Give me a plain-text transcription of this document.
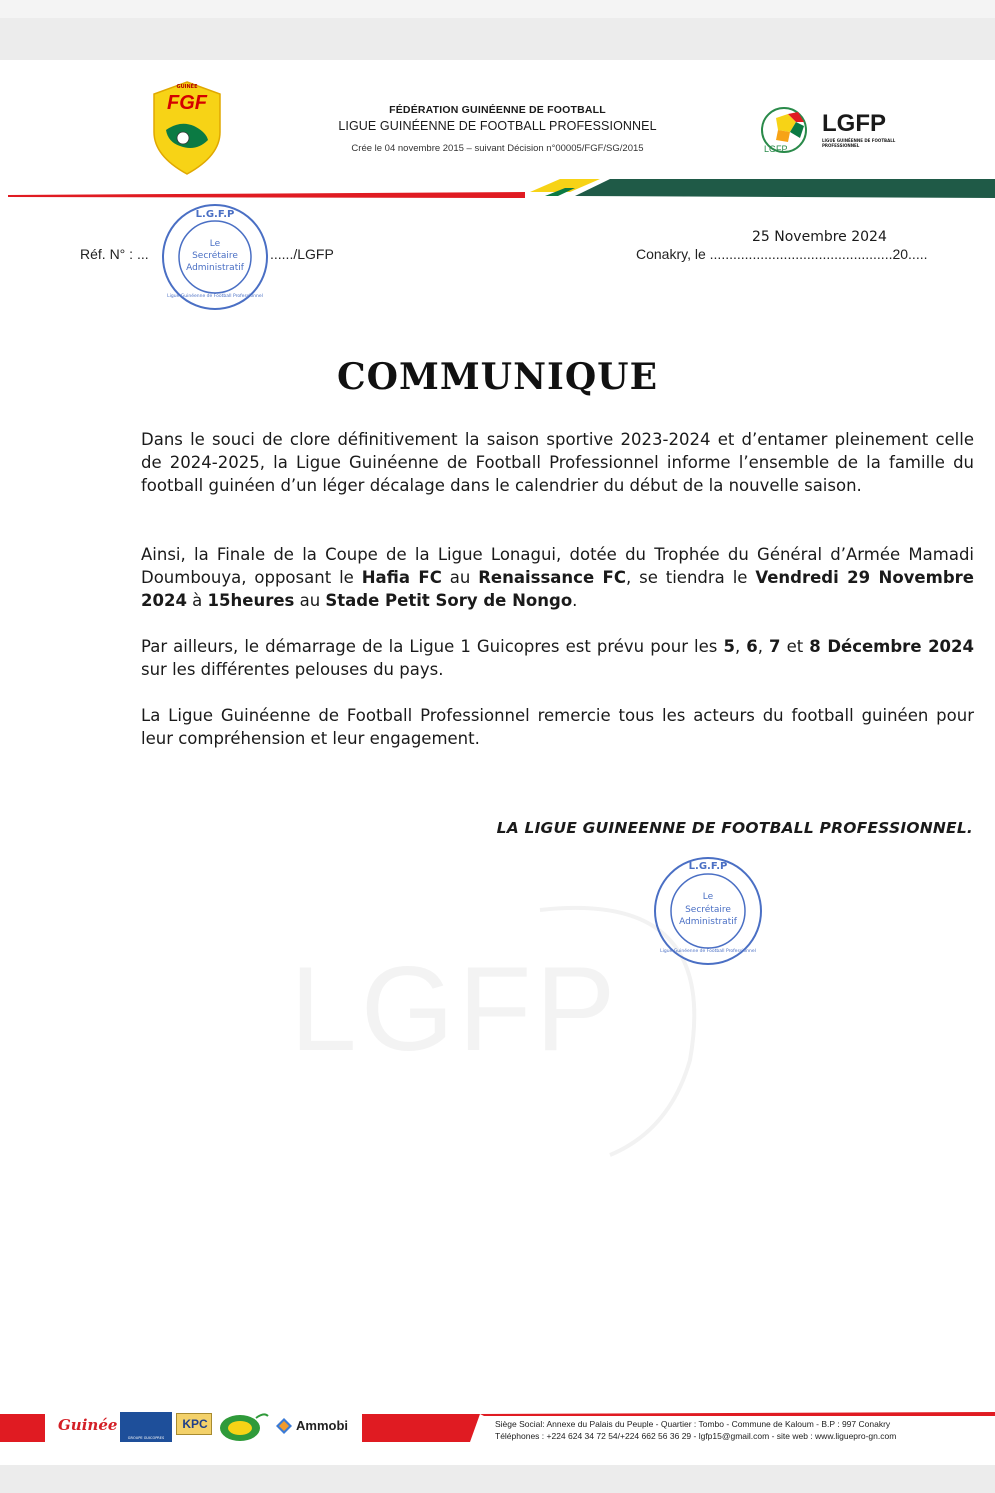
GUINÉE
FGF	FÉDÉRATION GUINÉENNE DE FOOTBALL
LIGUE GUINÉENNE DE FOOTBALL PROFESSIONNEL
Crée le 04 novembre 2015 – suivant Décision n°00005/FGF/SG/2015
LGFP
LIGUE GUINÉENNE DE FOOTBALL PROFESSIONNEL
LGFP
Réf. N° : ...	....../LGFP
L.G.F.P
Le
Secrétaire
Administratif
Ligue Guinéenne de Football Professionnel
25 Novembre 2024
Conakry, le ...............................................20.....
COMMUNIQUE
Dans le souci de clore définitivement la saison sportive 2023-2024 et d’entamer pleinement celle de 2024-2025, la Ligue Guinéenne de Football Professionnel informe l’ensemble de la famille du football guinéen d’un léger décalage dans le calendrier du début de la nouvelle saison.
Ainsi, la Finale de la Coupe de la Ligue Lonagui, dotée du Trophée du Général d’Armée Mamadi Doumbouya, opposant le Hafia FC au Renaissance FC, se tiendra le Vendredi 29 Novembre 2024 à 15heures au Stade Petit Sory de Nongo.
Par ailleurs, le démarrage de la Ligue 1 Guicopres est prévu pour les 5, 6, 7 et 8 Décembre 2024 sur les différentes pelouses du pays.
La Ligue Guinéenne de Football Professionnel remercie tous les acteurs du football guinéen pour leur compréhension et leur engagement.
LA LIGUE GUINEENNE DE FOOTBALL PROFESSIONNEL.
LGFP
L.G.F.P
Le
Secrétaire
Administratif
Ligue Guinéenne de Football Professionnel
Guinée
GROUPE GUICOPRES
KPC	Ammobi	Siège Social: Annexe du Palais du Peuple - Quartier : Tombo - Commune de Kaloum - B.P : 997 Conakry
Téléphones : +224 624 34 72 54/+224 662 56 36 29 - lgfp15@gmail.com - site web : www.liguepro-gn.com
